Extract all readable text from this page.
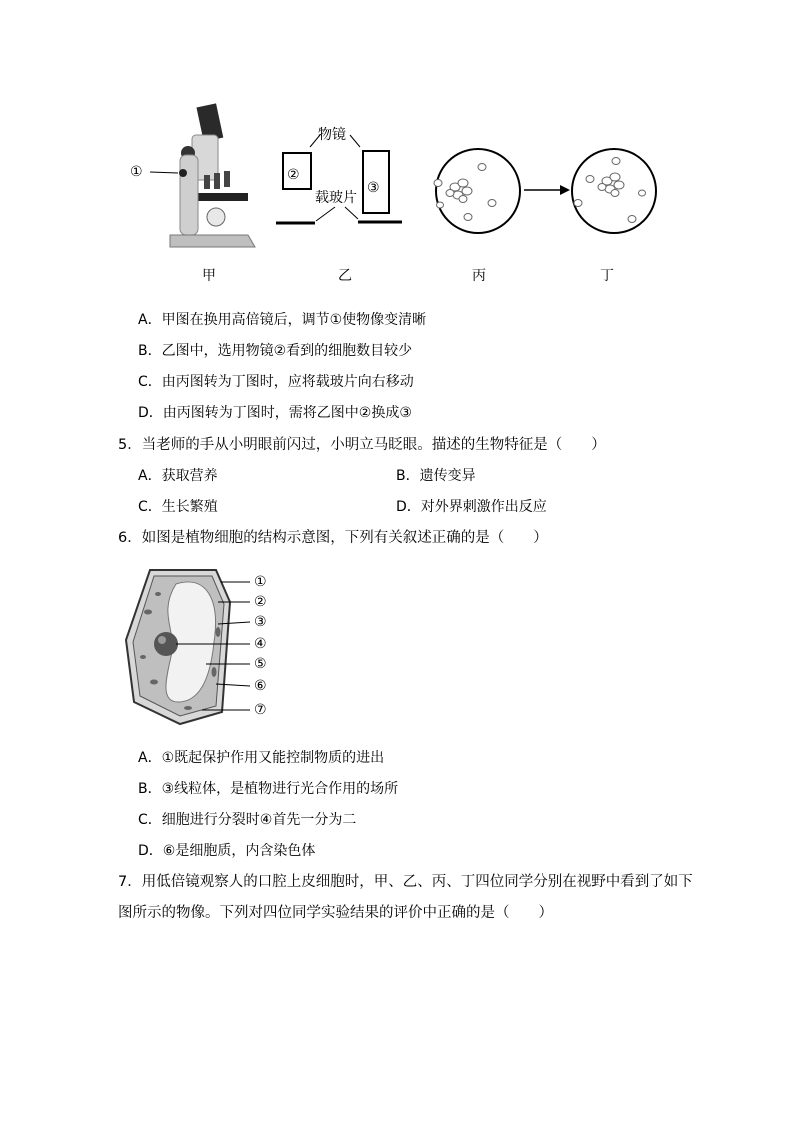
①
物镜
②
③
载玻片
甲	乙	丙	丁
A．甲图在换用高倍镜后，调节①使物像变清晰
B．乙图中，选用物镜②看到的细胞数目较少
C．由丙图转为丁图时，应将载玻片向右移动
D．由丙图转为丁图时，需将乙图中②换成③
5．当老师的手从小明眼前闪过，小明立马眨眼。描述的生物特征是（　　）
A．获取营养	B．遗传变异
C．生长繁殖	D．对外界刺激作出反应
6．如图是植物细胞的结构示意图，下列有关叙述正确的是（　　）
①
②
③
④
⑤
⑥
⑦
A．①既起保护作用又能控制物质的进出
B．③线粒体，是植物进行光合作用的场所
C．细胞进行分裂时④首先一分为二
D．⑥是细胞质，内含染色体
7．用低倍镜观察人的口腔上皮细胞时，甲、乙、丙、丁四位同学分别在视野中看到了如下
图所示的物像。下列对四位同学实验结果的评价中正确的是（　　）
